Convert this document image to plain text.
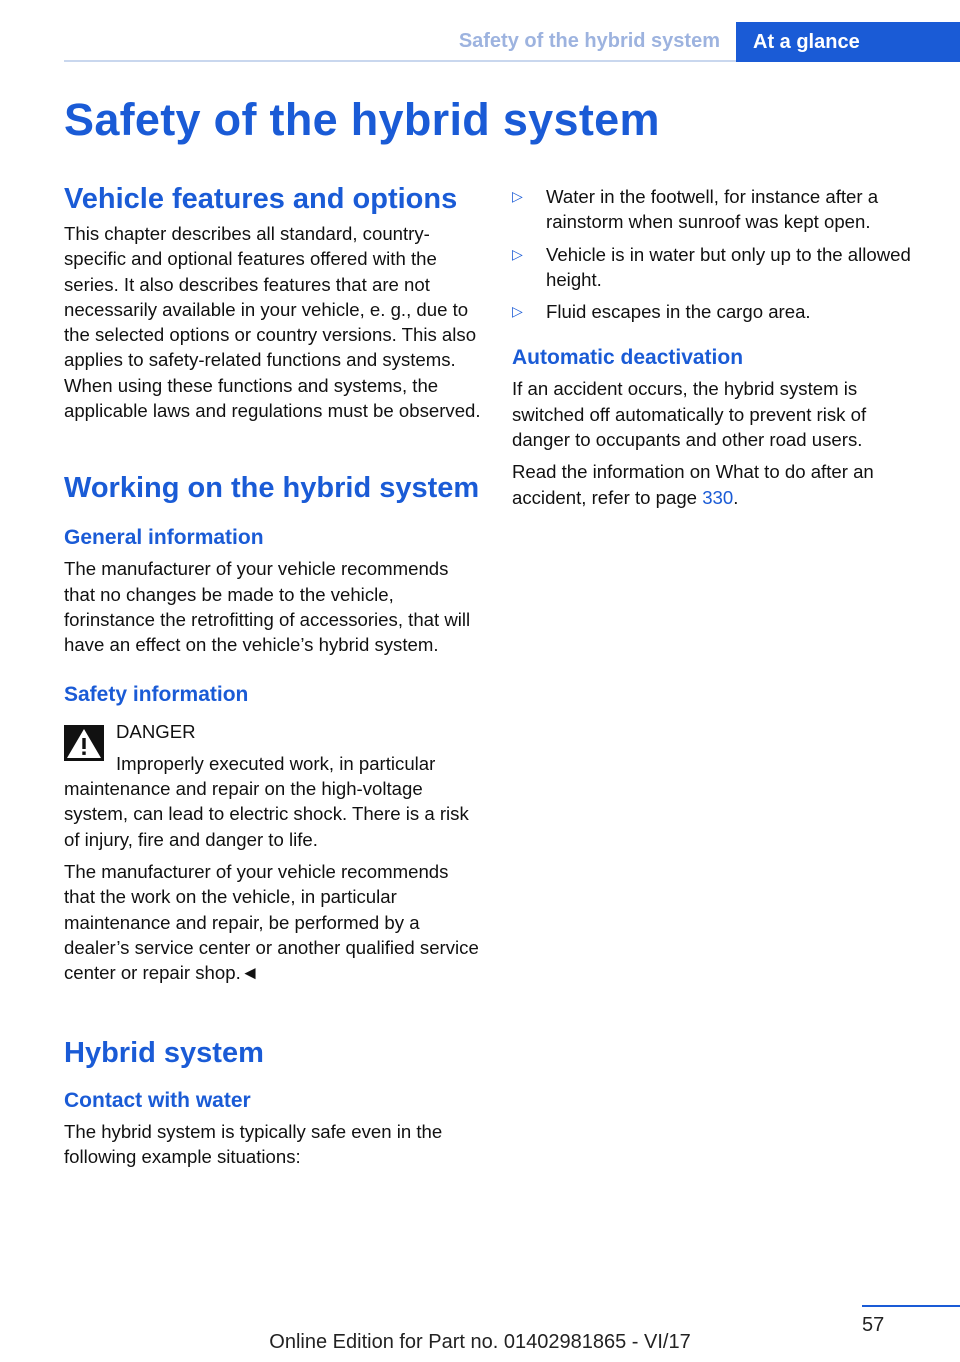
Safety of the hybrid system	At a glance
Safety of the hybrid system
Vehicle features and options

This chapter describes all standard, country-specific and optional features offered with the series. It also describes features that are not necessarily available in your vehicle, e. g., due to the selected options or country versions. This also applies to safety-related functions and systems. When using these functions and systems, the applicable laws and regulations must be observed.

Working on the hybrid system
General information

The manufacturer of your vehicle recommends that no changes be made to the vehicle, forinstance the retrofitting of accessories, that will have an effect on the vehicle’s hybrid system.

Safety information

DANGER

Improperly executed work, in particular maintenance and repair on the high-voltage system, can lead to electric shock. There is a risk of injury, fire and danger to life.

The manufacturer of your vehicle recommends that the work on the vehicle, in particular maintenance and repair, be performed by a dealer’s service center or another qualified service center or repair shop.◄

Hybrid system
Contact with water

The hybrid system is typically safe even in the following example situations:

▷ Water in the footwell, for instance after a rainstorm when sunroof was kept open.
▷ Vehicle is in water but only up to the allowed height.
▷ Fluid escapes in the cargo area.
Automatic deactivation

If an accident occurs, the hybrid system is switched off automatically to prevent risk of danger to occupants and other road users.

Read the information on What to do after an accident, refer to page 330.

57
Online Edition for Part no. 01402981865 - VI/17
